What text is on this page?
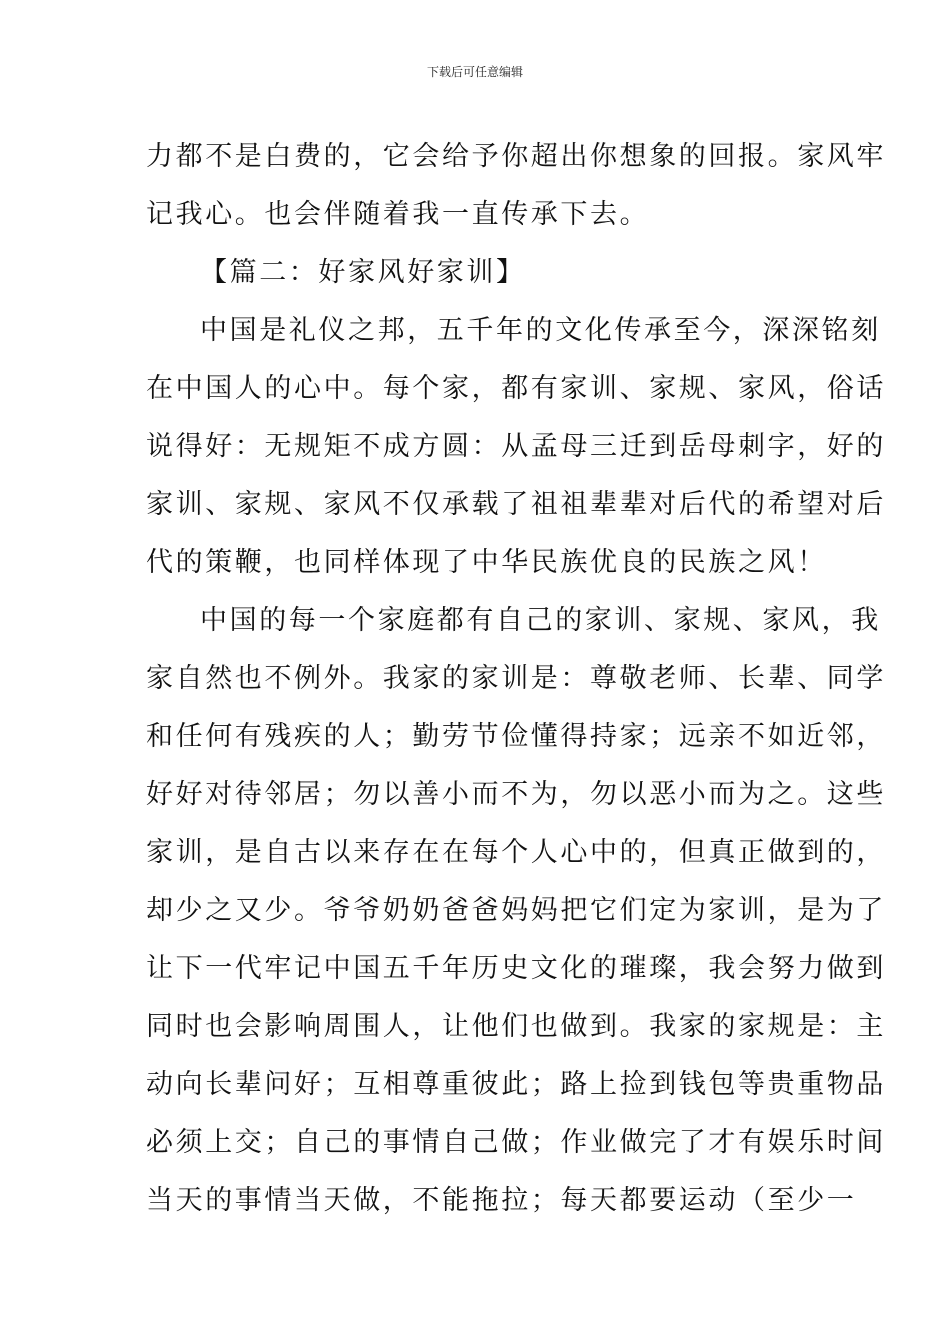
下载后可任意编辑
力都不是白费的，它会给予你超出你想象的回报。家风牢
记我心。也会伴随着我一直传承下去。
【篇二：好家风好家训】
中国是礼仪之邦，五千年的文化传承至今，深深铭刻
在中国人的心中。每个家，都有家训、家规、家风，俗话
说得好：无规矩不成方圆：从孟母三迁到岳母刺字，好的
家训、家规、家风不仅承载了祖祖辈辈对后代的希望对后
代的策鞭，也同样体现了中华民族优良的民族之风！
中国的每一个家庭都有自己的家训、家规、家风，我
家自然也不例外。我家的家训是：尊敬老师、长辈、同学
和任何有残疾的人；勤劳节俭懂得持家；远亲不如近邻，
好好对待邻居；勿以善小而不为，勿以恶小而为之。这些
家训，是自古以来存在在每个人心中的，但真正做到的，
却少之又少。爷爷奶奶爸爸妈妈把它们定为家训，是为了
让下一代牢记中国五千年历史文化的璀璨，我会努力做到
同时也会影响周围人，让他们也做到。我家的家规是：主
动向长辈问好；互相尊重彼此；路上捡到钱包等贵重物品
必须上交；自己的事情自己做；作业做完了才有娱乐时间
当天的事情当天做，不能拖拉；每天都要运动（至少一
